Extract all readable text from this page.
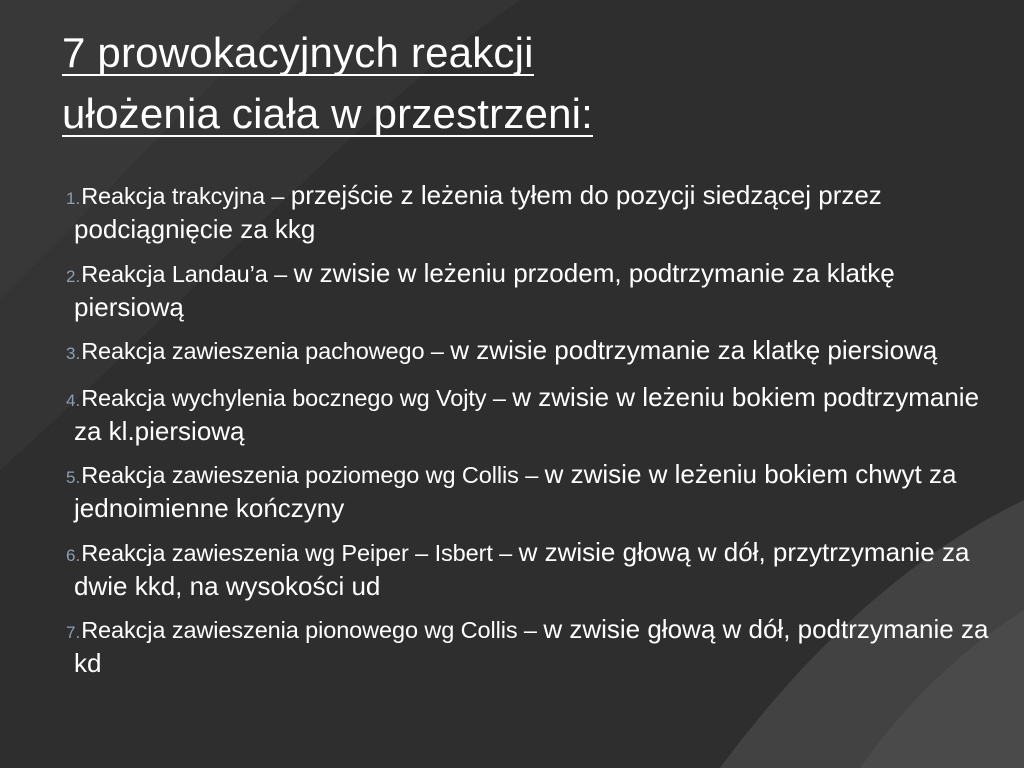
7 prowokacyjnych reakcji
ułożenia ciała w przestrzeni:
1.Reakcja trakcyjna – przejście z leżenia tyłem do pozycji siedzącej przez podciągnięcie za kkg
2.Reakcja Landau’a – w zwisie w leżeniu przodem, podtrzymanie za klatkę piersiową
3.Reakcja zawieszenia pachowego – w zwisie podtrzymanie za klatkę piersiową
4.Reakcja wychylenia bocznego wg Vojty – w zwisie w leżeniu bokiem podtrzymanie za kl.piersiową
5.Reakcja zawieszenia poziomego wg Collis – w zwisie w leżeniu bokiem chwyt za jednoimienne kończyny
6.Reakcja zawieszenia wg Peiper – Isbert – w zwisie głową w dół, przytrzymanie za dwie kkd, na wysokości ud
7.Reakcja zawieszenia pionowego wg Collis – w zwisie głową w dół, podtrzymanie za kd
